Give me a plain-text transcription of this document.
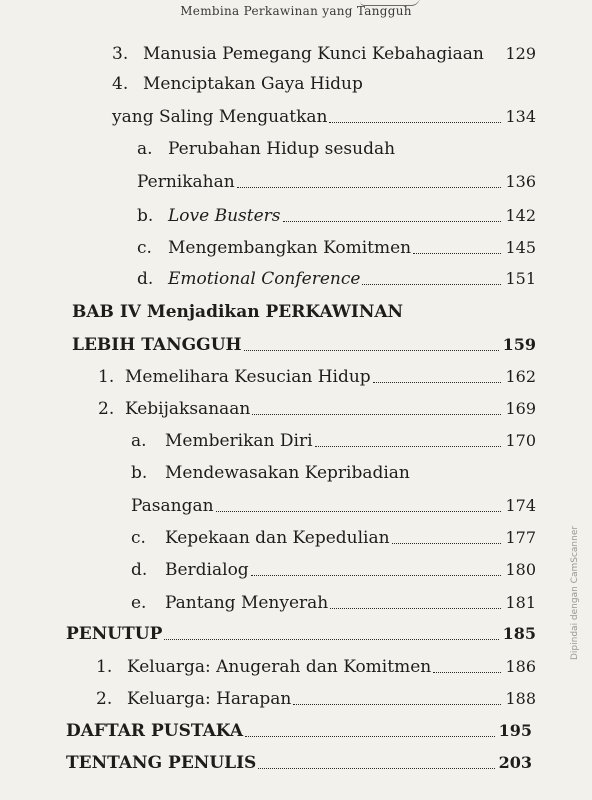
Membina Perkawinan yang Tangguh
3. Manusia Pemegang Kunci Kebahagiaan 129
4. Menciptakan Gaya Hidup
yang Saling Menguatkan	134
a. Perubahan Hidup sesudah
Pernikahan	136
b. Love Busters	142
c. Mengembangkan Komitmen	145
d. Emotional Conference	151
BAB IV Menjadikan PERKAWINAN
LEBIH TANGGUH	159
1. Memelihara Kesucian Hidup	162
2. Kebijaksanaan	169
a.	Memberikan Diri	170
b.	Mendewasakan Kepribadian
Pasangan	174
c.	Kepekaan dan Kepedulian	177
d.	Berdialog	180
e.	Pantang Menyerah	181
PENUTUP	185
1. Keluarga: Anugerah dan Komitmen	186
2. Keluarga: Harapan	188
DAFTAR PUSTAKA	195
TENTANG PENULIS	203
Dipindai dengan CamScanner
